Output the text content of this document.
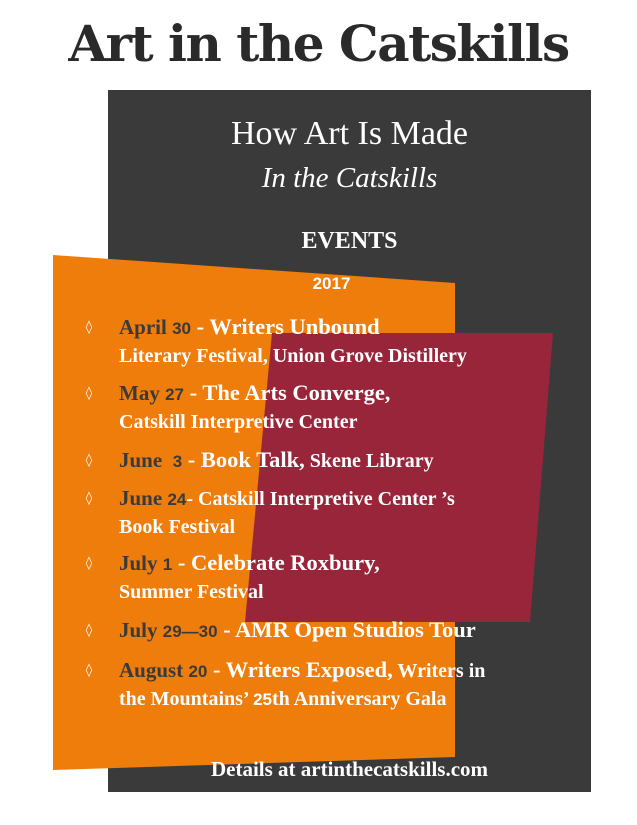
Art in the Catskills
How Art Is Made
In the Catskills
EVENTS
2017
◊ April 30 - Writers Unbound
Literary Festival, Union Grove Distillery
◊ May 27 - The Arts Converge,
Catskill Interpretive Center
◊ June  3 - Book Talk, Skene Library
◊ June 24- Catskill Interpretive Center ’s
Book Festival
◊ July 1 - Celebrate Roxbury,
Summer Festival
◊ July 29—30 - AMR Open Studios Tour
◊ August 20 - Writers Exposed, Writers in
the Mountains’ 25th Anniversary Gala
Details at artinthecatskills.com
